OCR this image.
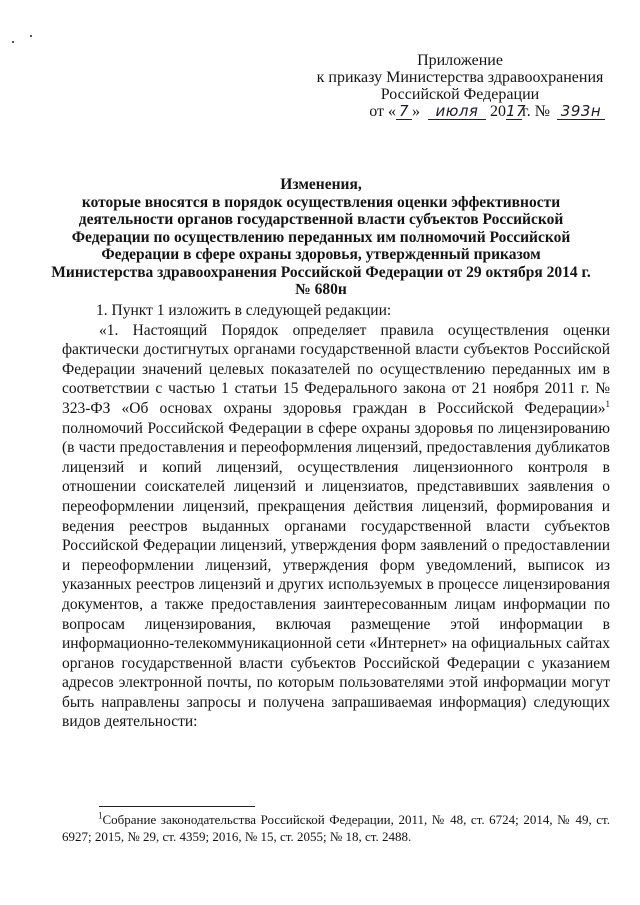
Приложение
к приказу Министерства здравоохранения
Российской Федерации
от « 7 » июля 2017г. № 393н
Изменения,
которые вносятся в порядок осуществления оценки эффективности деятельности органов государственной власти субъектов Российской Федерации по осуществлению переданных им полномочий Российской Федерации в сфере охраны здоровья, утвержденный приказом Министерства здравоохранения Российской Федерации от 29 октября 2014 г. № 680н

1. Пункт 1 изложить в следующей редакции:

«1. Настоящий Порядок определяет правила осуществления оценки фактически достигнутых органами государственной власти субъектов Российской Федерации значений целевых показателей по осуществлению переданных им в соответствии с частью 1 статьи 15 Федерального закона от 21 ноября 2011 г. № 323-ФЗ «Об основах охраны здоровья граждан в Российской Федерации»$^1$ полномочий Российской Федерации в сфере охраны здоровья по лицензированию (в части предоставления и переоформления лицензий, предоставления дубликатов лицензий и копий лицензий, осуществления лицензионного контроля в отношении соискателей лицензий и лицензиатов, представивших заявления о переоформлении лицензий, прекращения действия лицензий, формирования и ведения реестров выданных органами государственной власти субъектов Российской Федерации лицензий, утверждения форм заявлений о предоставлении и переоформлении лицензий, утверждения форм уведомлений, выписок из указанных реестров лицензий и других используемых в процессе лицензирования документов, а также предоставления заинтересованным лицам информации по вопросам лицензирования, включая размещение этой информации в информационно-телекоммуникационной сети «Интернет» на официальных сайтах органов государственной власти субъектов Российской Федерации с указанием адресов электронной почты, по которым пользователями этой информации могут быть направлены запросы и получена запрашиваемая информация) следующих видов деятельности:

$^1$Собрание законодательства Российской Федерации, 2011, № 48, ст. 6724; 2014, № 49, ст. 6927; 2015, № 29, ст. 4359; 2016, № 15, ст. 2055; № 18, ст. 2488.
